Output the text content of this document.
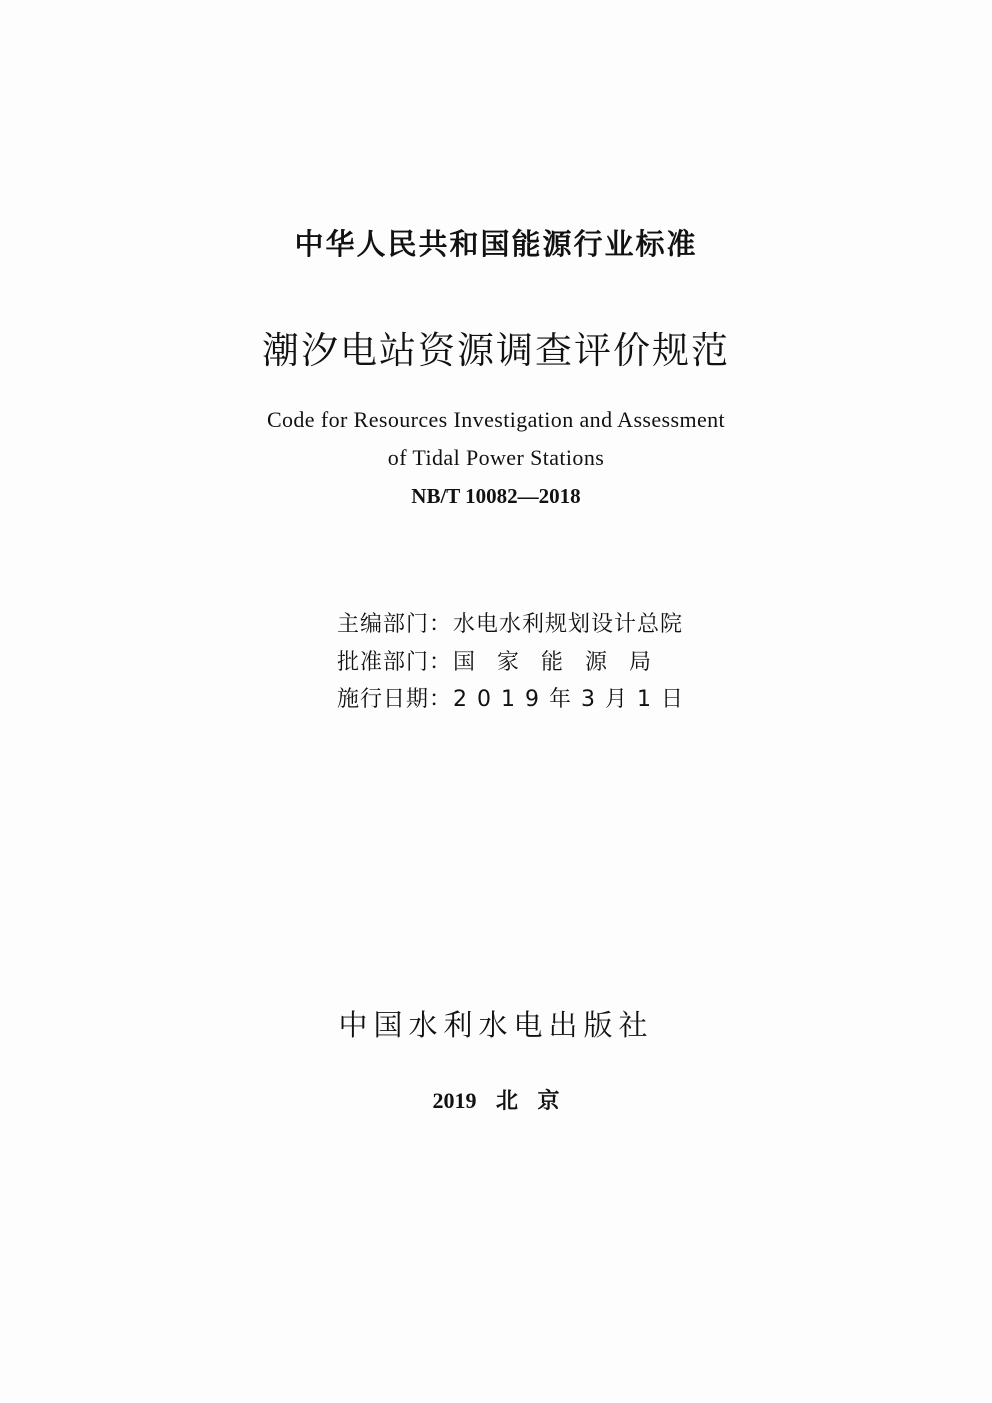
中华人民共和国能源行业标准
潮汐电站资源调查评价规范
Code for Resources Investigation and Assessment
of Tidal Power Stations
NB/T 10082—2018
主编部门 ： 水电水利规划设计总院
批准部门 ： 国家能源局
施行日期 ： 2019年3月1日
中国水利水电出版社
2019 北 京
